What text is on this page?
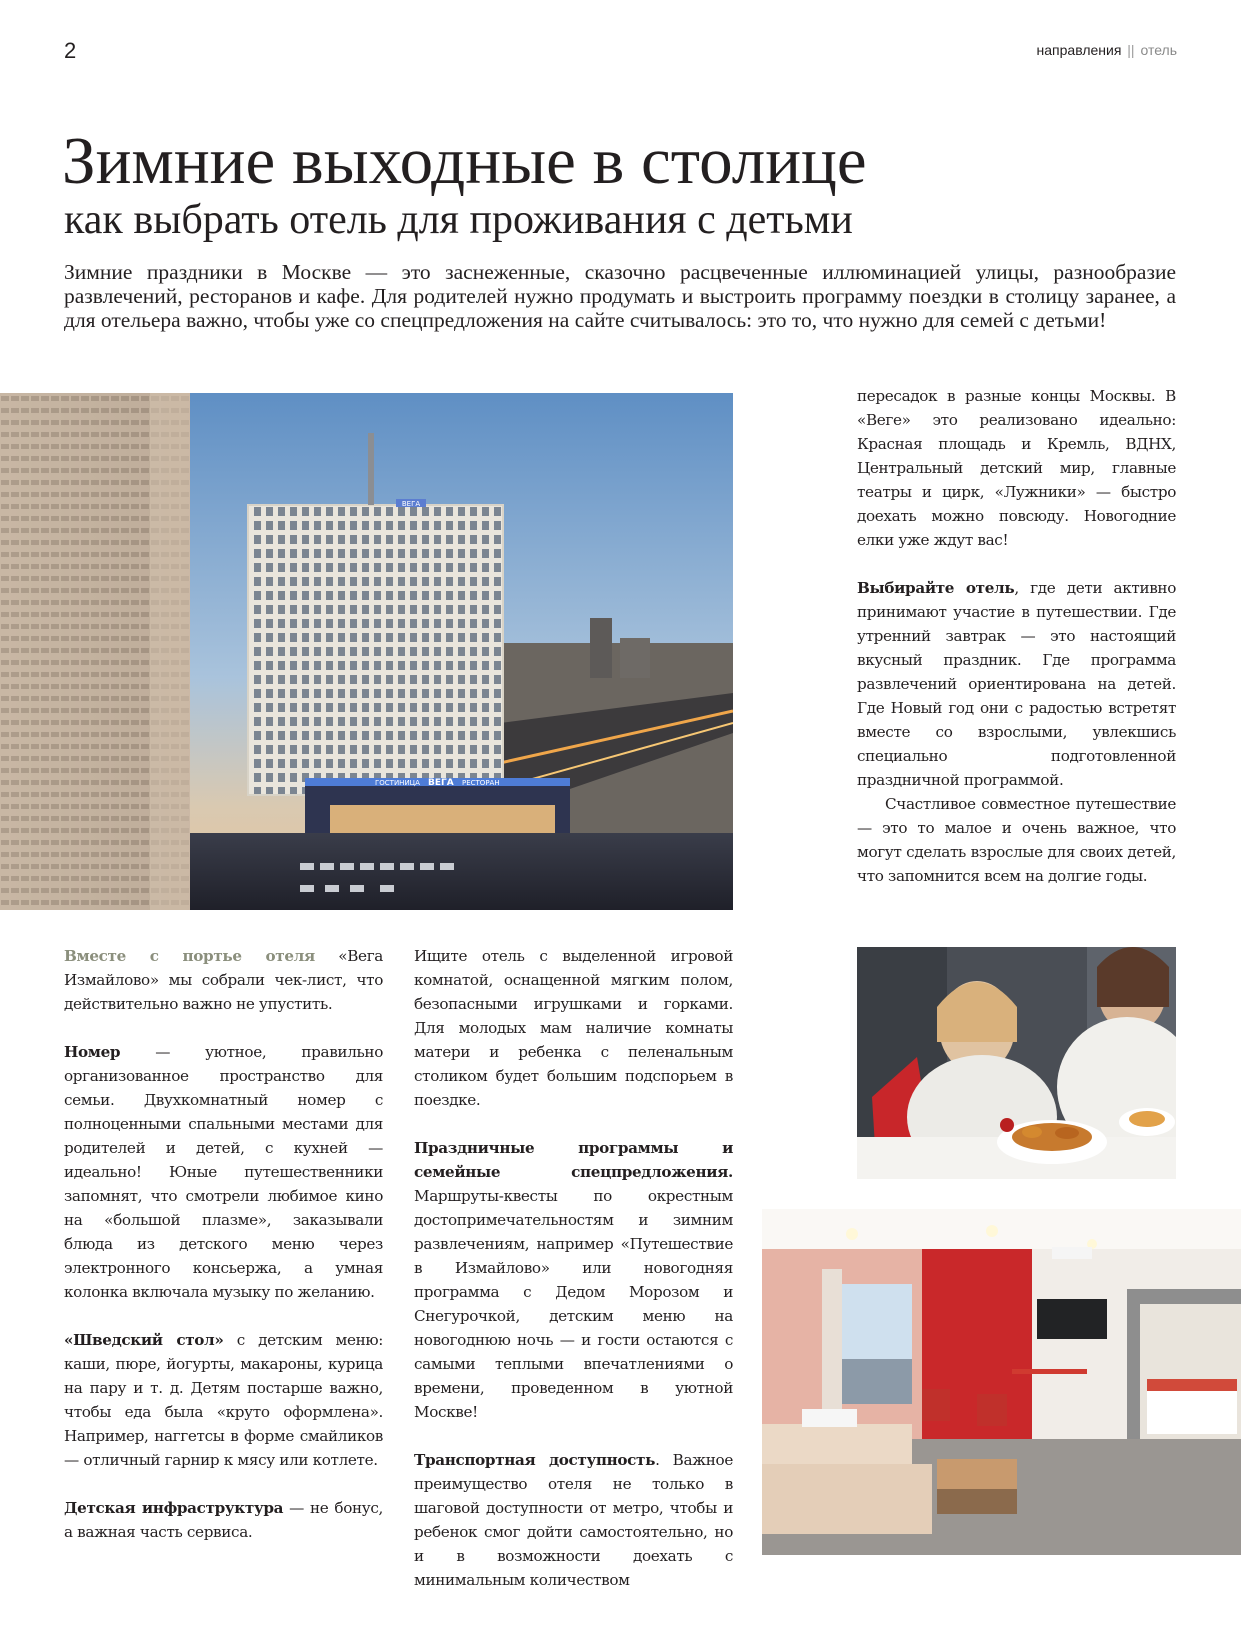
2	направления || отель
Зимние выходные в столице
как выбрать отель для проживания с детьми

Зимние праздники в Москве — это заснеженные, сказочно расцвеченные иллюминацией улицы, разнообразие развлечений, ресторанов и кафе. Для родителей нужно продумать и выстроить программу поездки в столицу заранее, а для отельера важно, чтобы уже со спецпредложения на сайте считывалось: это то, что нужно для семей с детьми!

ВЕГА
ГОСТИНИЦА ВЕГА РЕСТОРАН

Вместе с портье отеля «Вега Измайлово» мы собрали чек-лист, что действительно важно не упустить.

Номер — уютное, правильно организованное пространство для семьи. Двухкомнатный номер с полноценными спальными местами для родителей и детей, с кухней — идеально! Юные путешественники запомнят, что смотрели любимое кино на «большой плазме», заказывали блюда из детского меню через электронного консьержа, а умная колонка включала музыку по желанию.

«Шведский стол» с детским меню: каши, пюре, йогурты, макароны, курица на пару и т. д. Детям постарше важно, чтобы еда была «круто оформлена». Например, наггетсы в форме смайликов — отличный гарнир к мясу или котлете.

Детская инфраструктура — не бонус, а важная часть сервиса.

Ищите отель с выделенной игровой комнатой, оснащенной мягким полом, безопасными игрушками и горками. Для молодых мам наличие комнаты матери и ребенка с пеленальным столиком будет большим подспорьем в поездке.

Праздничные программы и семейные спецпредложения. Маршруты-квесты по окрестным достопримечательностям и зимним развлечениям, например «Путешествие в Измайлово» или новогодняя программа с Дедом Морозом и Снегурочкой, детским меню на новогоднюю ночь — и гости остаются с самыми теплыми впечатлениями о времени, проведенном в уютной Москве!

Транспортная доступность. Важное преимущество отеля не только в шаговой доступности от метро, чтобы и ребенок смог дойти самостоятельно, но и в возможности доехать с минимальным количеством

пересадок в разные концы Москвы. В «Веге» это реализовано идеально: Красная площадь и Кремль, ВДНХ, Центральный детский мир, главные театры и цирк, «Лужники» — быстро доехать можно повсюду. Новогодние елки уже ждут вас!

Выбирайте отель, где дети активно принимают участие в путешествии. Где утренний завтрак — это настоящий вкусный праздник. Где программа развлечений ориентирована на детей. Где Новый год они с радостью встретят вместе со взрослыми, увлекшись специально подготовленной праздничной программой.

Счастливое совместное путешествие — это то малое и очень важное, что могут сделать взрослые для своих детей, что запомнится всем на долгие годы.
